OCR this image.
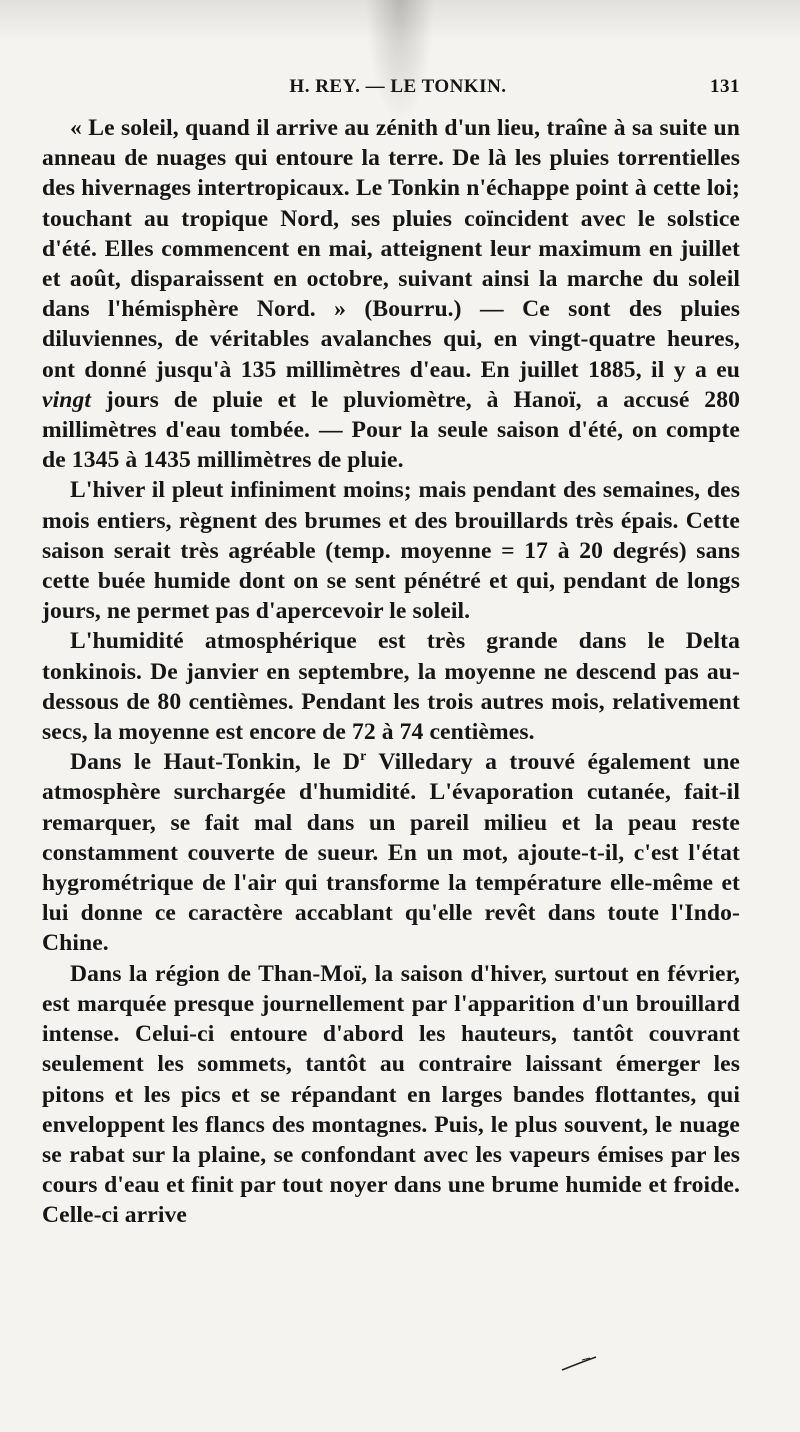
H. REY. — LE TONKIN.	131

« Le soleil, quand il arrive au zénith d'un lieu, traîne à sa suite un anneau de nuages qui entoure la terre. De là les pluies torrentielles des hivernages intertropicaux. Le Tonkin n'échappe point à cette loi; touchant au tropique Nord, ses pluies coïncident avec le solstice d'été. Elles commencent en mai, atteignent leur maximum en juillet et août, disparaissent en octobre, suivant ainsi la marche du soleil dans l'hémisphère Nord. » (Bourru.) — Ce sont des pluies diluviennes, de véritables avalanches qui, en vingt-quatre heures, ont donné jusqu'à 135 millimètres d'eau. En juillet 1885, il y a eu vingt jours de pluie et le pluviomètre, à Hanoï, a accusé 280 millimètres d'eau tombée. — Pour la seule saison d'été, on compte de 1345 à 1435 millimètres de pluie.

L'hiver il pleut infiniment moins; mais pendant des semaines, des mois entiers, règnent des brumes et des brouillards très épais. Cette saison serait très agréable (temp. moyenne = 17 à 20 degrés) sans cette buée humide dont on se sent pénétré et qui, pendant de longs jours, ne permet pas d'apercevoir le soleil.

L'humidité atmosphérique est très grande dans le Delta tonkinois. De janvier en septembre, la moyenne ne descend pas au-dessous de 80 centièmes. Pendant les trois autres mois, relativement secs, la moyenne est encore de 72 à 74 centièmes.

Dans le Haut-Tonkin, le $D^r$ Villedary a trouvé également une atmosphère surchargée d'humidité. L'évaporation cutanée, fait-il remarquer, se fait mal dans un pareil milieu et la peau reste constamment couverte de sueur. En un mot, ajoute-t-il, c'est l'état hygrométrique de l'air qui transforme la température elle-même et lui donne ce caractère accablant qu'elle revêt dans toute l'Indo-Chine.

Dans la région de Than-Moï, la saison d'hiver, surtout en février, est marquée presque journellement par l'apparition d'un brouillard intense. Celui-ci entoure d'abord les hauteurs, tantôt couvrant seulement les sommets, tantôt au contraire laissant émerger les pitons et les pics et se répandant en larges bandes flottantes, qui enveloppent les flancs des montagnes. Puis, le plus souvent, le nuage se rabat sur la plaine, se confondant avec les vapeurs émises par les cours d'eau et finit par tout noyer dans une brume humide et froide. Celle-ci arrive
